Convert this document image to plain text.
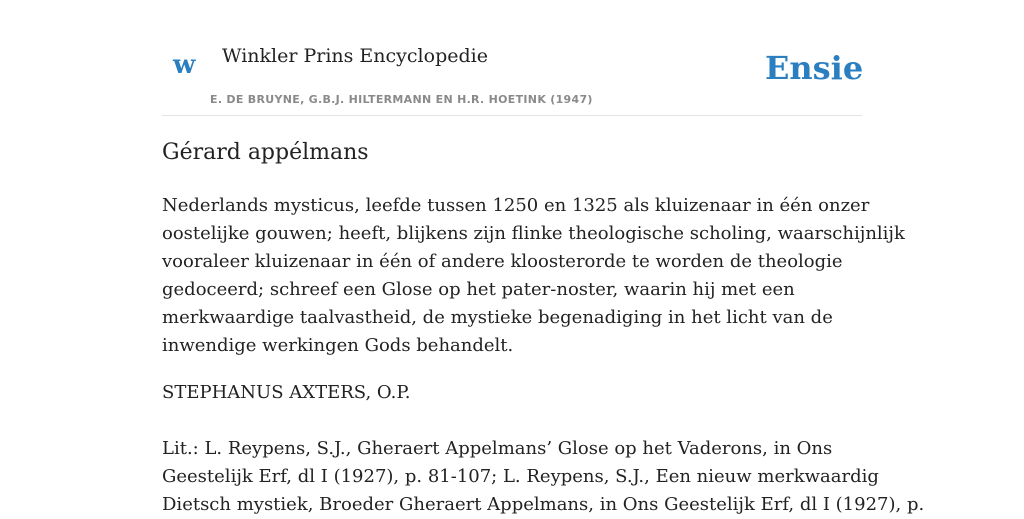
w Winkler Prins Encyclopedie
E. DE BRUYNE, G.B.J. HILTERMANN EN H.R. HOETINK (1947)
Ensie
Gérard appélmans
Nederlands mysticus, leefde tussen 1250 en 1325 als kluizenaar in één onzer
oostelijke gouwen; heeft, blijkens zijn flinke theologische scholing, waarschijnlijk
vooraleer kluizenaar in één of andere kloosterorde te worden de theologie
gedoceerd; schreef een Glose op het pater-noster, waarin hij met een
merkwaardige taalvastheid, de mystieke begenadiging in het licht van de
inwendige werkingen Gods behandelt.
STEPHANUS AXTERS, O.P.
Lit.: L. Reypens, S.J., Gheraert Appelmans’ Glose op het Vaderons, in Ons
Geestelijk Erf, dl I (1927), p. 81-107; L. Reypens, S.J., Een nieuw merkwaardig
Dietsch mystiek, Broeder Gheraert Appelmans, in Ons Geestelijk Erf, dl I (1927), p.
